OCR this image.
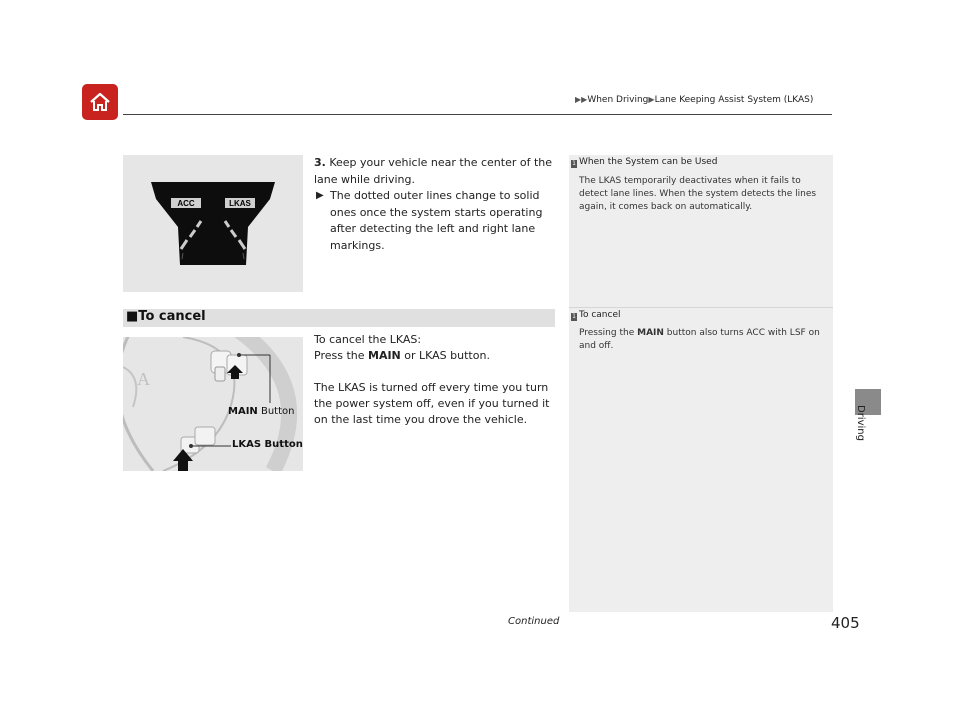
▶▶When Driving▶Lane Keeping Assist System (LKAS)
Driving
ACC	LKAS
3. Keep your vehicle near the center of the lane while driving.
▶ The dotted outer lines change to solid ones once the system starts operating after detecting the left and right lane markings.
■To cancel
A
MAIN Button
LKAS Button

To cancel the LKAS:
Press the MAIN or LKAS button.

The LKAS is turned off every time you turn the power system off, even if you turned it on the last time you drove the vehicle.

1 When the System can be Used
The LKAS temporarily deactivates when it fails to detect lane lines. When the system detects the lines again, it comes back on automatically.
1 To cancel
Pressing the MAIN button also turns ACC with LSF on and off.
Continued	405
